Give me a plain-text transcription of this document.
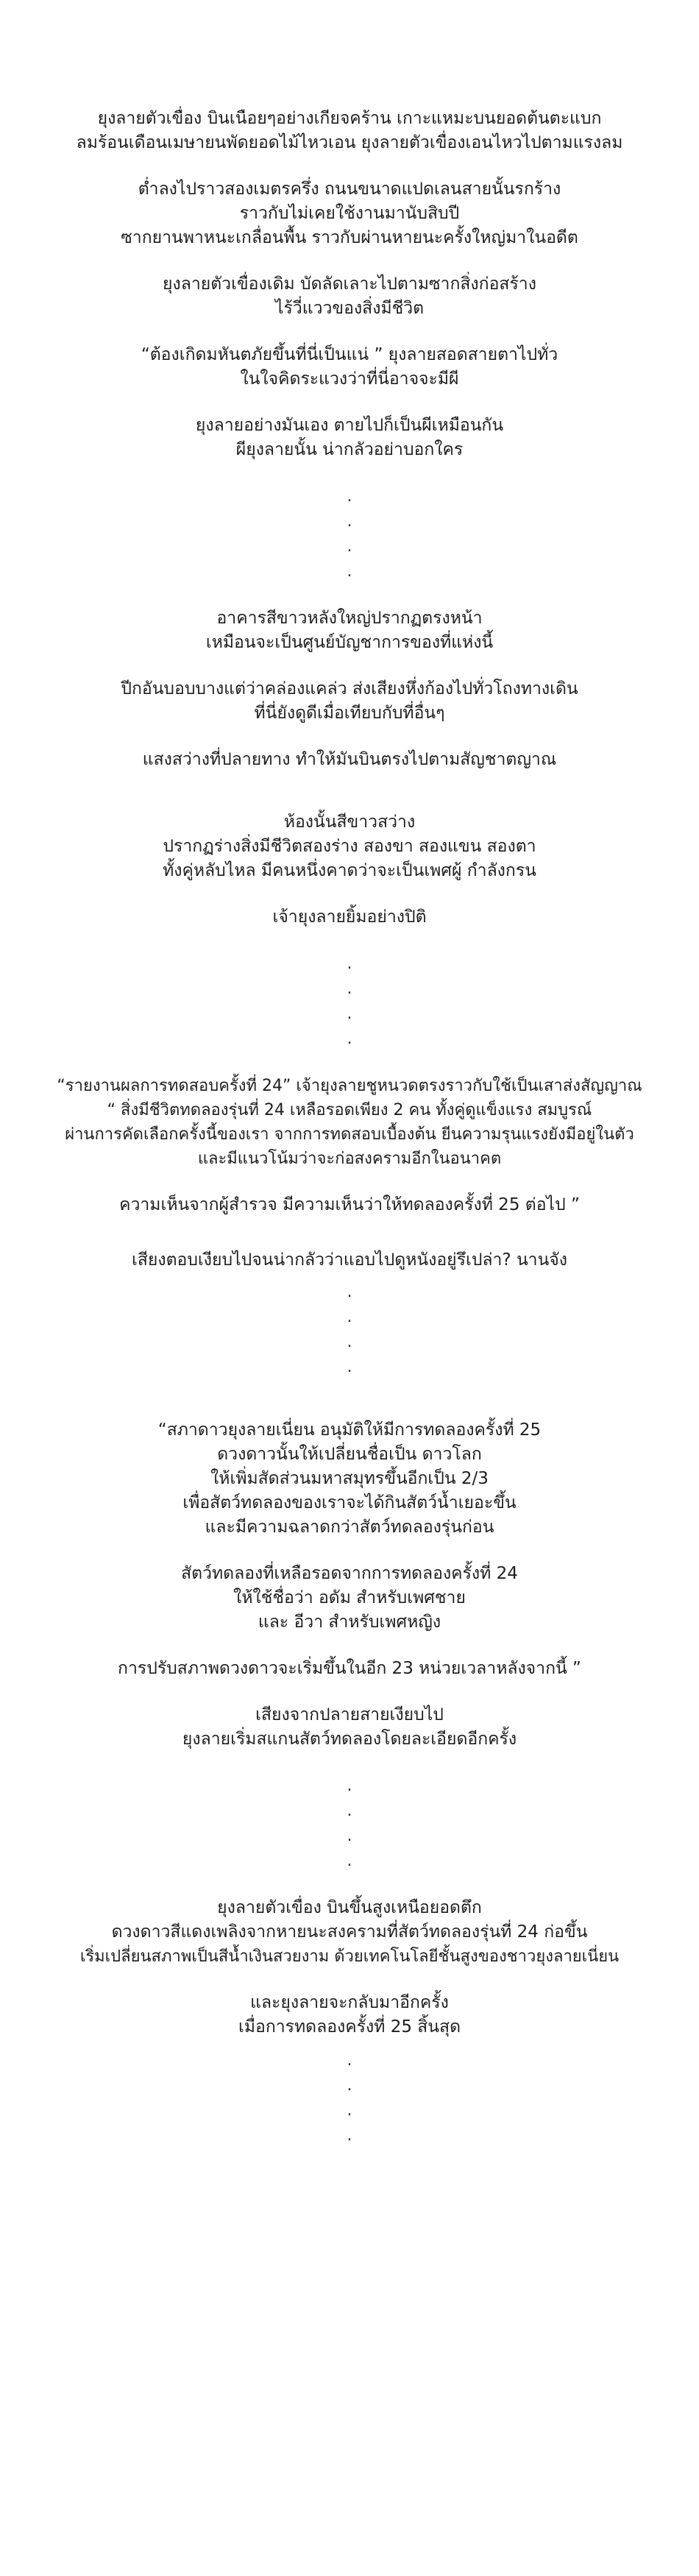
ยุงลายตัวเขื่อง บินเนือยๆอย่างเกียจคร้าน เกาะแหมะบนยอดต้นตะแบก
ลมร้อนเดือนเมษายนพัดยอดไม้ไหวเอน ยุงลายตัวเขื่องเอนไหวไปตามแรงลม
ต่ำลงไปราวสองเมตรครึ่ง ถนนขนาดแปดเลนสายนั้นรกร้าง
ราวกับไม่เคยใช้งานมานับสิบปี
ซากยานพาหนะเกลื่อนพื้น ราวกับผ่านหายนะครั้งใหญ่มาในอดีต
ยุงลายตัวเขื่องเดิม บัดลัดเลาะไปตามซากสิ่งก่อสร้าง
ไร้วี่แววของสิ่งมีชีวิต
“ต้องเกิดมหันตภัยขึ้นที่นี่เป็นแน่ ” ยุงลายสอดสายตาไปทั่ว
ในใจคิดระแวงว่าที่นี่อาจจะมีผี
ยุงลายอย่างมันเอง ตายไปก็เป็นผีเหมือนกัน
ผียุงลายนั้น น่ากลัวอย่าบอกใคร
.
.
.
.
อาคารสีขาวหลังใหญ่ปรากฏตรงหน้า
เหมือนจะเป็นศูนย์บัญชาการของที่แห่งนี้
ปีกอันบอบบางแต่ว่าคล่องแคล่ว ส่งเสียงหึ่งก้องไปทั่วโถงทางเดิน
ที่นี่ยังดูดีเมื่อเทียบกับที่อื่นๆ
แสงสว่างที่ปลายทาง ทำให้มันบินตรงไปตามสัญชาตญาณ
ห้องนั้นสีขาวสว่าง
ปรากฏร่างสิ่งมีชีวิตสองร่าง สองขา สองแขน สองตา
ทั้งคู่หลับไหล มีคนหนึ่งคาดว่าจะเป็นเพศผู้ กำลังกรน
เจ้ายุงลายยิ้มอย่างปิติ
.
.
.
.
“รายงานผลการทดสอบครั้งที่ 24” เจ้ายุงลายชูหนวดตรงราวกับใช้เป็นเสาส่งสัญญาณ
“ สิ่งมีชีวิตทดลองรุ่นที่ 24 เหลือรอดเพียง 2 คน ทั้งคู่ดูแข็งแรง สมบูรณ์
ผ่านการคัดเลือกครั้งนี้ของเรา จากการทดสอบเบื้องต้น ยีนความรุนแรงยังมีอยู่ในตัว
และมีแนวโน้มว่าจะก่อสงครามอีกในอนาคต
ความเห็นจากผู้สำรวจ มีความเห็นว่าให้ทดลองครั้งที่ 25 ต่อไป ”
เสียงตอบเงียบไปจนน่ากลัวว่าแอบไปดูหนังอยู่รึเปล่า? นานจัง
.
.
.
.
“สภาดาวยุงลายเนี่ยน อนุมัติให้มีการทดลองครั้งที่ 25
ดวงดาวนั้นให้เปลี่ยนชื่อเป็น ดาวโลก
ให้เพิ่มสัดส่วนมหาสมุทรขึ้นอีกเป็น 2/3
เพื่อสัตว์ทดลองของเราจะได้กินสัตว์น้ำเยอะขึ้น
และมีความฉลาดกว่าสัตว์ทดลองรุ่นก่อน
สัตว์ทดลองที่เหลือรอดจากการทดลองครั้งที่ 24
ให้ใช้ชื่อว่า อดัม สำหรับเพศชาย
และ อีวา สำหรับเพศหญิง
การปรับสภาพดวงดาวจะเริ่มขึ้นในอีก 23 หน่วยเวลาหลังจากนี้ ”
เสียงจากปลายสายเงียบไป
ยุงลายเริ่มสแกนสัตว์ทดลองโดยละเอียดอีกครั้ง
.
.
.
.
ยุงลายตัวเขื่อง บินขึ้นสูงเหนือยอดตึก
ดวงดาวสีแดงเพลิงจากหายนะสงครามที่สัตว์ทดลองรุ่นที่ 24 ก่อขึ้น
เริ่มเปลี่ยนสภาพเป็นสีน้ำเงินสวยงาม ด้วยเทคโนโลยีชั้นสูงของชาวยุงลายเนี่ยน
และยุงลายจะกลับมาอีกครั้ง
เมื่อการทดลองครั้งที่ 25 สิ้นสุด
.
.
.
.
